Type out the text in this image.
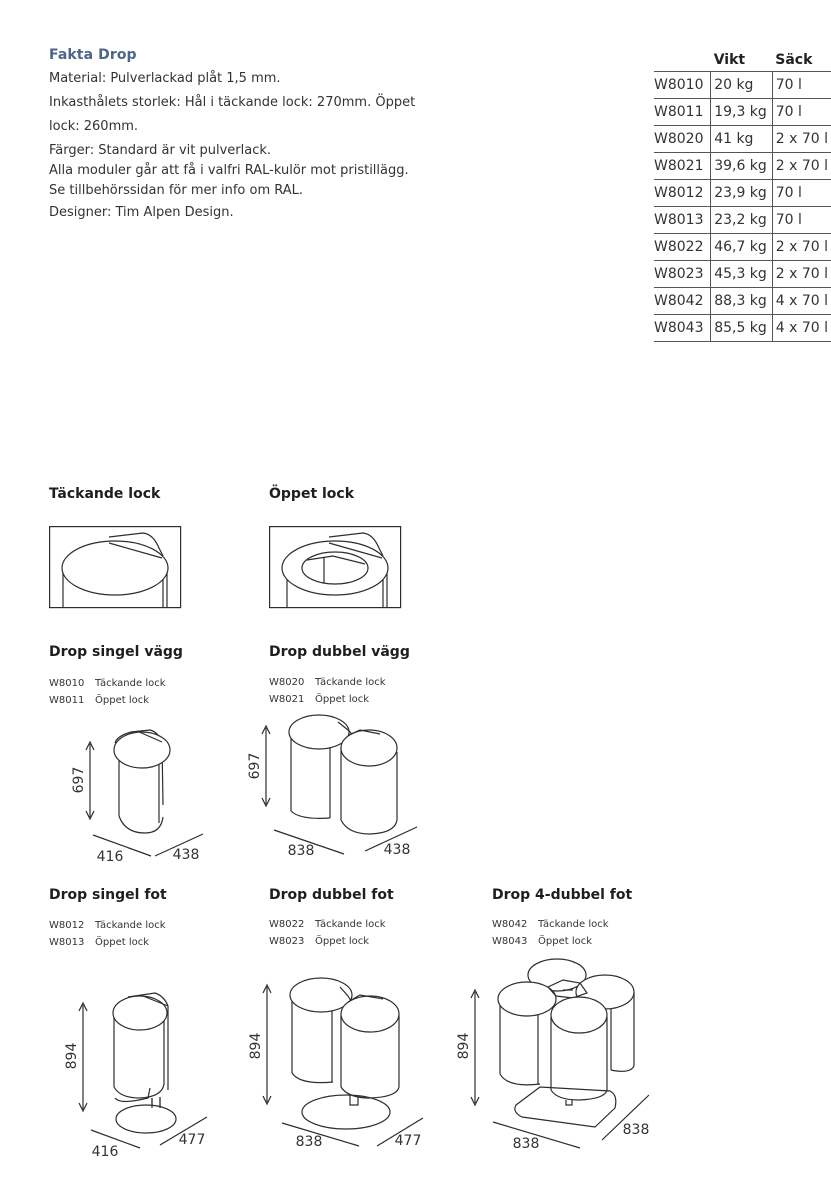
Fakta Drop

Material: Pulverlackad plåt 1,5 mm.

Inkasthålets storlek: Hål i täckande lock: 270mm. Öppet

lock: 260mm.

Färger: Standard är vit pulverlack.

Alla moduler går att få i valfri RAL-kulör mot pristillägg.

Se tillbehörssidan för mer info om RAL.

Designer: Tim Alpen Design.

	Vikt	Säck
W8010	20 kg	70 l
W8011	19,3 kg	70 l
W8020	41 kg	2 x 70 l
W8021	39,6 kg	2 x 70 l
W8012	23,9 kg	70 l
W8013	23,2 kg	70 l
W8022	46,7 kg	2 x 70 l
W8023	45,3 kg	2 x 70 l
W8042	88,3 kg	4 x 70 l
W8043	85,5 kg	4 x 70 l
Täckande lock	Öppet lock
Drop singel vägg
W8010 Täckande lock
W8011 Öppet lock
697
416	438
Drop dubbel vägg
W8020 Täckande lock
W8021 Öppet lock
697
838	438
Drop singel fot
W8012 Täckande lock
W8013 Öppet lock
894
416
477
Drop dubbel fot
W8022 Täckande lock
W8023 Öppet lock
894
838	477
Drop 4-dubbel fot
W8042 Täckande lock
W8043 Öppet lock
894
838
838
